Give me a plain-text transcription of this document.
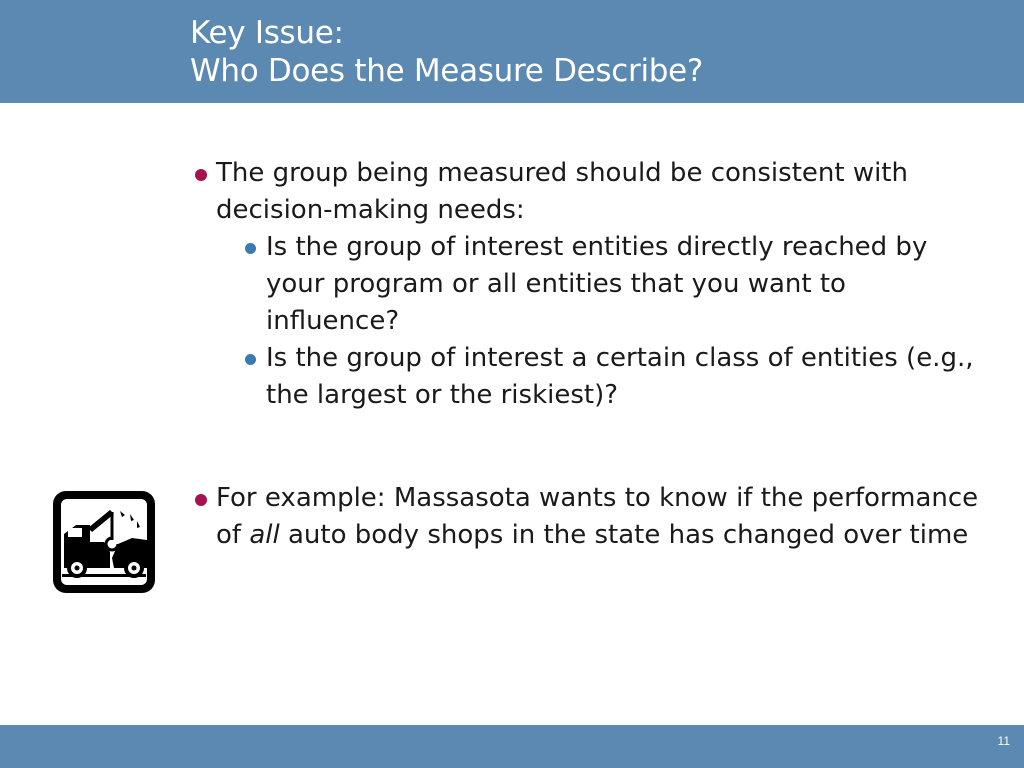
Key Issue:
Who Does the Measure Describe?
The group being measured should be consistent with decision-making needs:
Is the group of interest entities directly reached by your program or all entities that you want to influence?
Is the group of interest a certain class of entities (e.g., the largest or the riskiest)?
For example: Massasota wants to know if the performance of all auto body shops in the state has changed over time
11
